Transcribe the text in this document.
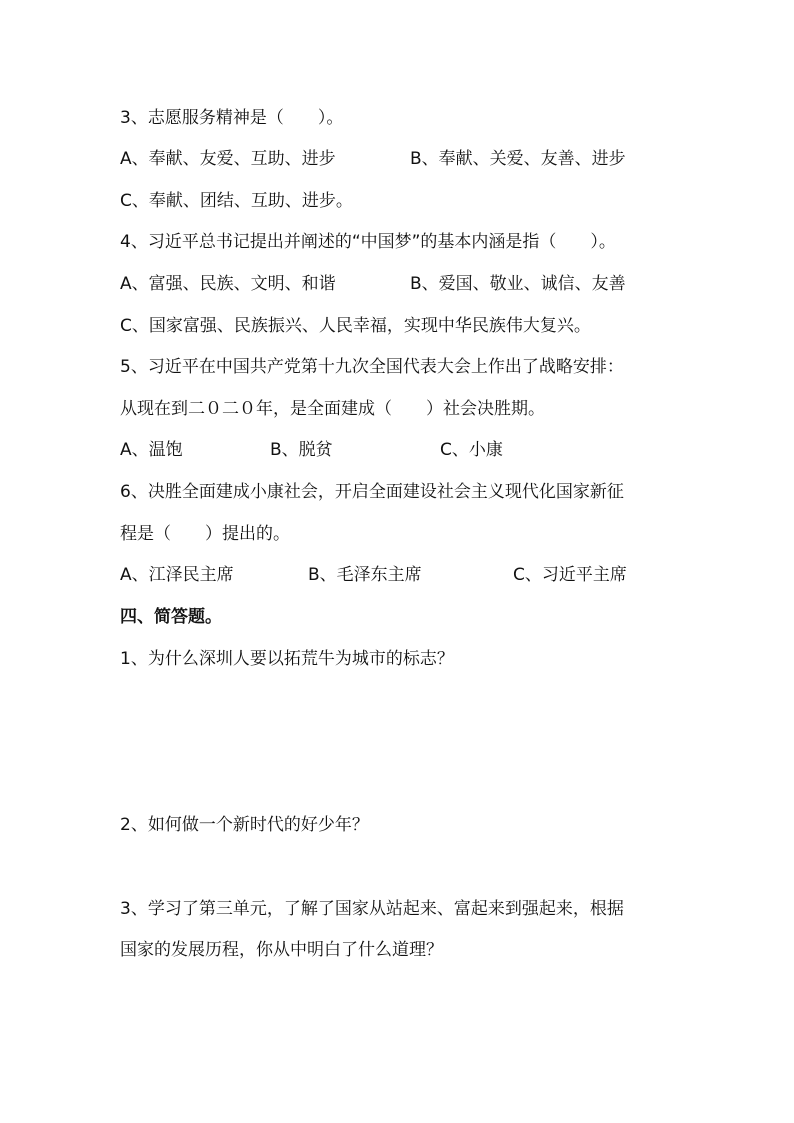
3、志愿服务精神是（　　）。
A、奉献、友爱、互助、进步	B、奉献、关爱、友善、进步
C、奉献、团结、互助、进步。
4、习近平总书记提出并阐述的“中国梦”的基本内涵是指（　　）。
A、富强、民族、文明、和谐	B、爱国、敬业、诚信、友善
C、国家富强、民族振兴、人民幸福，实现中华民族伟大复兴。
5、习近平在中国共产党第十九次全国代表大会上作出了战略安排：
从现在到二０二０年，是全面建成（　　）社会决胜期。
A、温饱	B、脱贫	C、小康
6、决胜全面建成小康社会，开启全面建设社会主义现代化国家新征
程是（　　）提出的。
A、江泽民主席	B、毛泽东主席	C、习近平主席
四、简答题。
1、为什么深圳人要以拓荒牛为城市的标志？
2、如何做一个新时代的好少年？
3、学习了第三单元，了解了国家从站起来、富起来到强起来，根据
国家的发展历程，你从中明白了什么道理？
